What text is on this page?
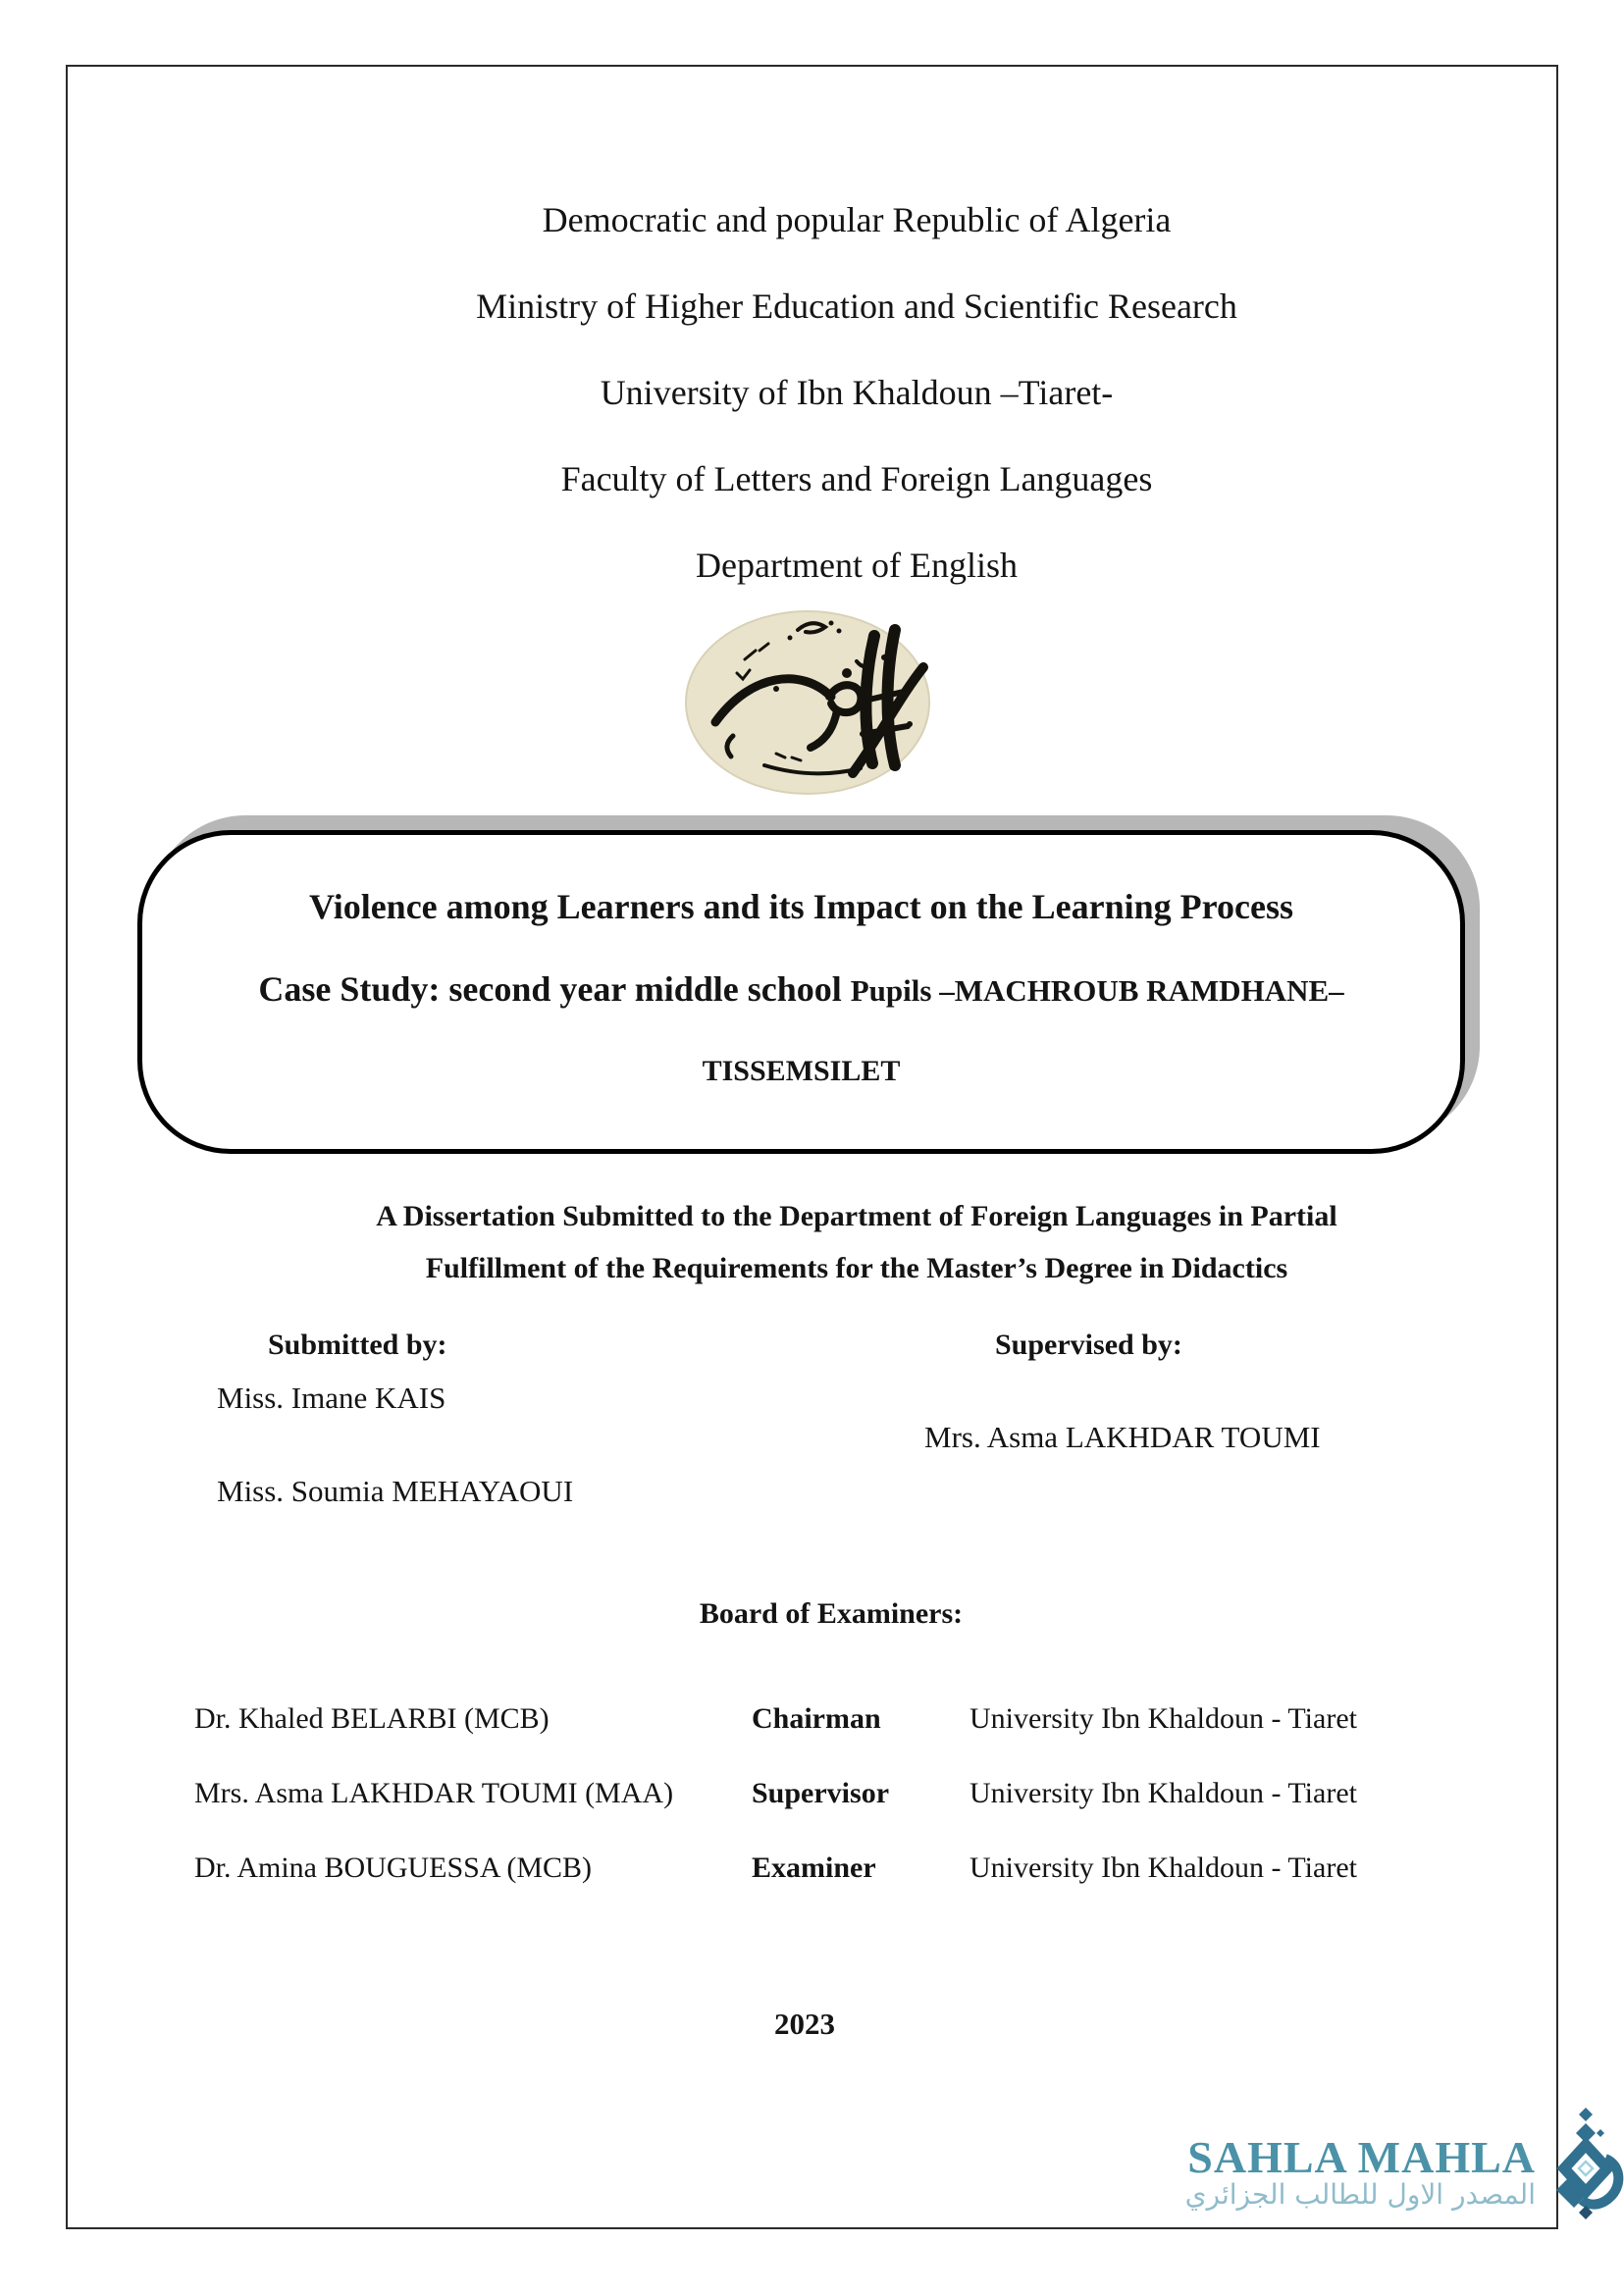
Democratic and popular Republic of Algeria
Ministry of Higher Education and Scientific Research
University of Ibn Khaldoun –Tiaret-
Faculty of Letters and Foreign Languages
Department of English
Violence among Learners and its Impact on the Learning Process
Case Study: second year middle school Pupils –MACHROUB RAMDHANE–
TISSEMSILET
A Dissertation Submitted to the Department of Foreign Languages in Partial
Fulfillment of the Requirements for the Master’s Degree in Didactics
Submitted by:	Supervised by:
Miss. Imane KAIS
Mrs. Asma LAKHDAR TOUMI
Miss. Soumia MEHAYAOUI
Board of Examiners:
Dr. Khaled BELARBI (MCB)	Chairman	University Ibn Khaldoun - Tiaret
Mrs. Asma LAKHDAR TOUMI (MAA)	Supervisor	University Ibn Khaldoun - Tiaret
Dr. Amina BOUGUESSA (MCB)	Examiner	University Ibn Khaldoun - Tiaret
2023
SAHLA MAHLA
المصدر الاول للطالب الجزائري
